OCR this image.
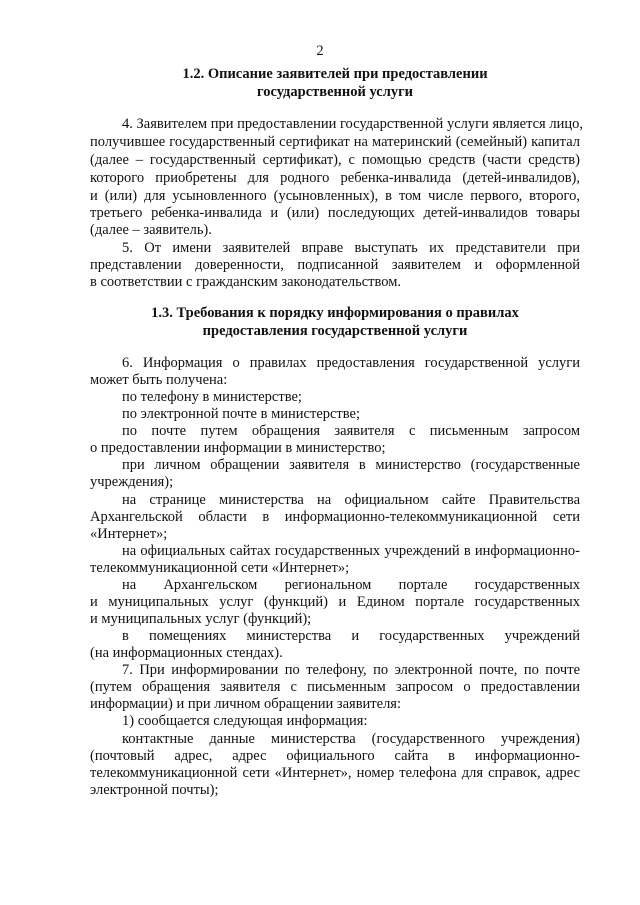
2
1.2. Описание заявителей при предоставлении
государственной услуги
4. Заявителем при предоставлении государственной услуги является лицо,
получившее государственный сертификат на материнский (семейный) капитал
(далее – государственный сертификат), с помощью средств (части средств)
которого приобретены для родного ребенка-инвалида (детей-инвалидов),
и (или) для усыновленного (усыновленных), в том числе первого, второго,
третьего ребенка-инвалида и (или) последующих детей-инвалидов товары
(далее – заявитель).
5. От имени заявителей вправе выступать их представители при
представлении доверенности, подписанной заявителем и оформленной
в соответствии с гражданским законодательством.
1.3. Требования к порядку информирования о правилах
предоставления государственной услуги
6. Информация о правилах предоставления государственной услуги
может быть получена:
по телефону в министерстве;
по электронной почте в министерстве;
по почте путем обращения заявителя с письменным запросом
о предоставлении информации в министерство;
при личном обращении заявителя в министерство (государственные
учреждения);
на странице министерства на официальном сайте Правительства
Архангельской области в информационно-телекоммуникационной сети
«Интернет»;
на официальных сайтах государственных учреждений в информационно-
телекоммуникационной сети «Интернет»;
на Архангельском региональном портале государственных
и муниципальных услуг (функций) и Едином портале государственных
и муниципальных услуг (функций);
в помещениях министерства и государственных учреждений
(на информационных стендах).
7. При информировании по телефону, по электронной почте, по почте
(путем обращения заявителя с письменным запросом о предоставлении
информации) и при личном обращении заявителя:
1) сообщается следующая информация:
контактные данные министерства (государственного учреждения)
(почтовый адрес, адрес официального сайта в информационно-
телекоммуникационной сети «Интернет», номер телефона для справок, адрес
электронной почты);
